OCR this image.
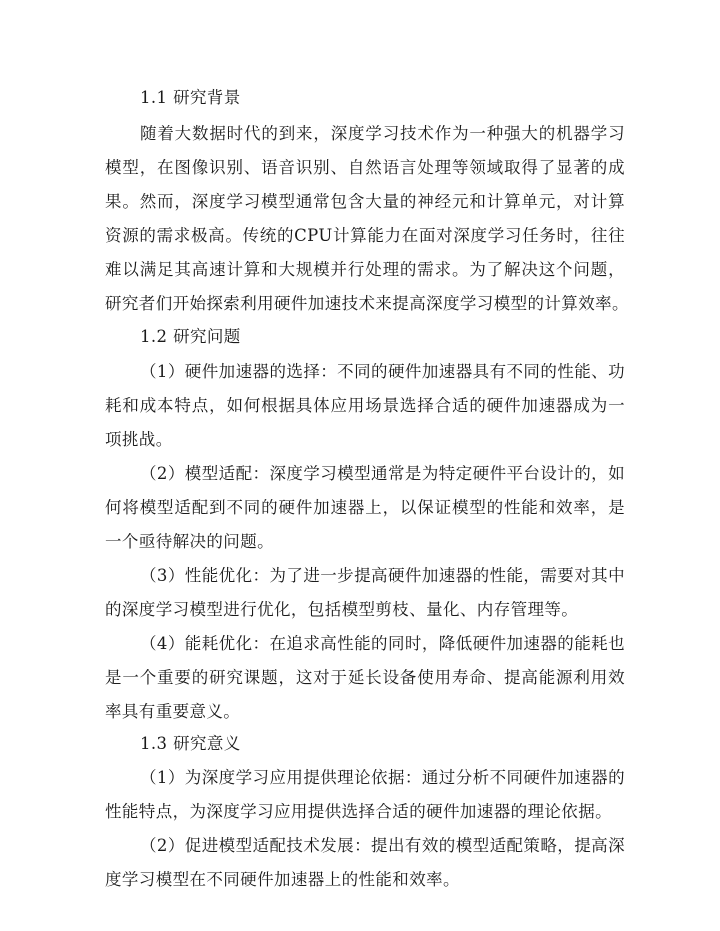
1.1 研究背景
随着大数据时代的到来，深度学习技术作为一种强大的机器学习
模型，在图像识别、语音识别、自然语言处理等领域取得了显著的成
果。然而，深度学习模型通常包含大量的神经元和计算单元，对计算
资源的需求极高。传统的CPU计算能力在面对深度学习任务时，往往
难以满足其高速计算和大规模并行处理的需求。为了解决这个问题，
研究者们开始探索利用硬件加速技术来提高深度学习模型的计算效率。
1.2 研究问题
（1）硬件加速器的选择：不同的硬件加速器具有不同的性能、功
耗和成本特点，如何根据具体应用场景选择合适的硬件加速器成为一
项挑战。
（2）模型适配：深度学习模型通常是为特定硬件平台设计的，如
何将模型适配到不同的硬件加速器上，以保证模型的性能和效率，是
一个亟待解决的问题。
（3）性能优化：为了进一步提高硬件加速器的性能，需要对其中
的深度学习模型进行优化，包括模型剪枝、量化、内存管理等。
（4）能耗优化：在追求高性能的同时，降低硬件加速器的能耗也
是一个重要的研究课题，这对于延长设备使用寿命、提高能源利用效
率具有重要意义。
1.3 研究意义
（1）为深度学习应用提供理论依据：通过分析不同硬件加速器的
性能特点，为深度学习应用提供选择合适的硬件加速器的理论依据。
（2）促进模型适配技术发展：提出有效的模型适配策略，提高深
度学习模型在不同硬件加速器上的性能和效率。
